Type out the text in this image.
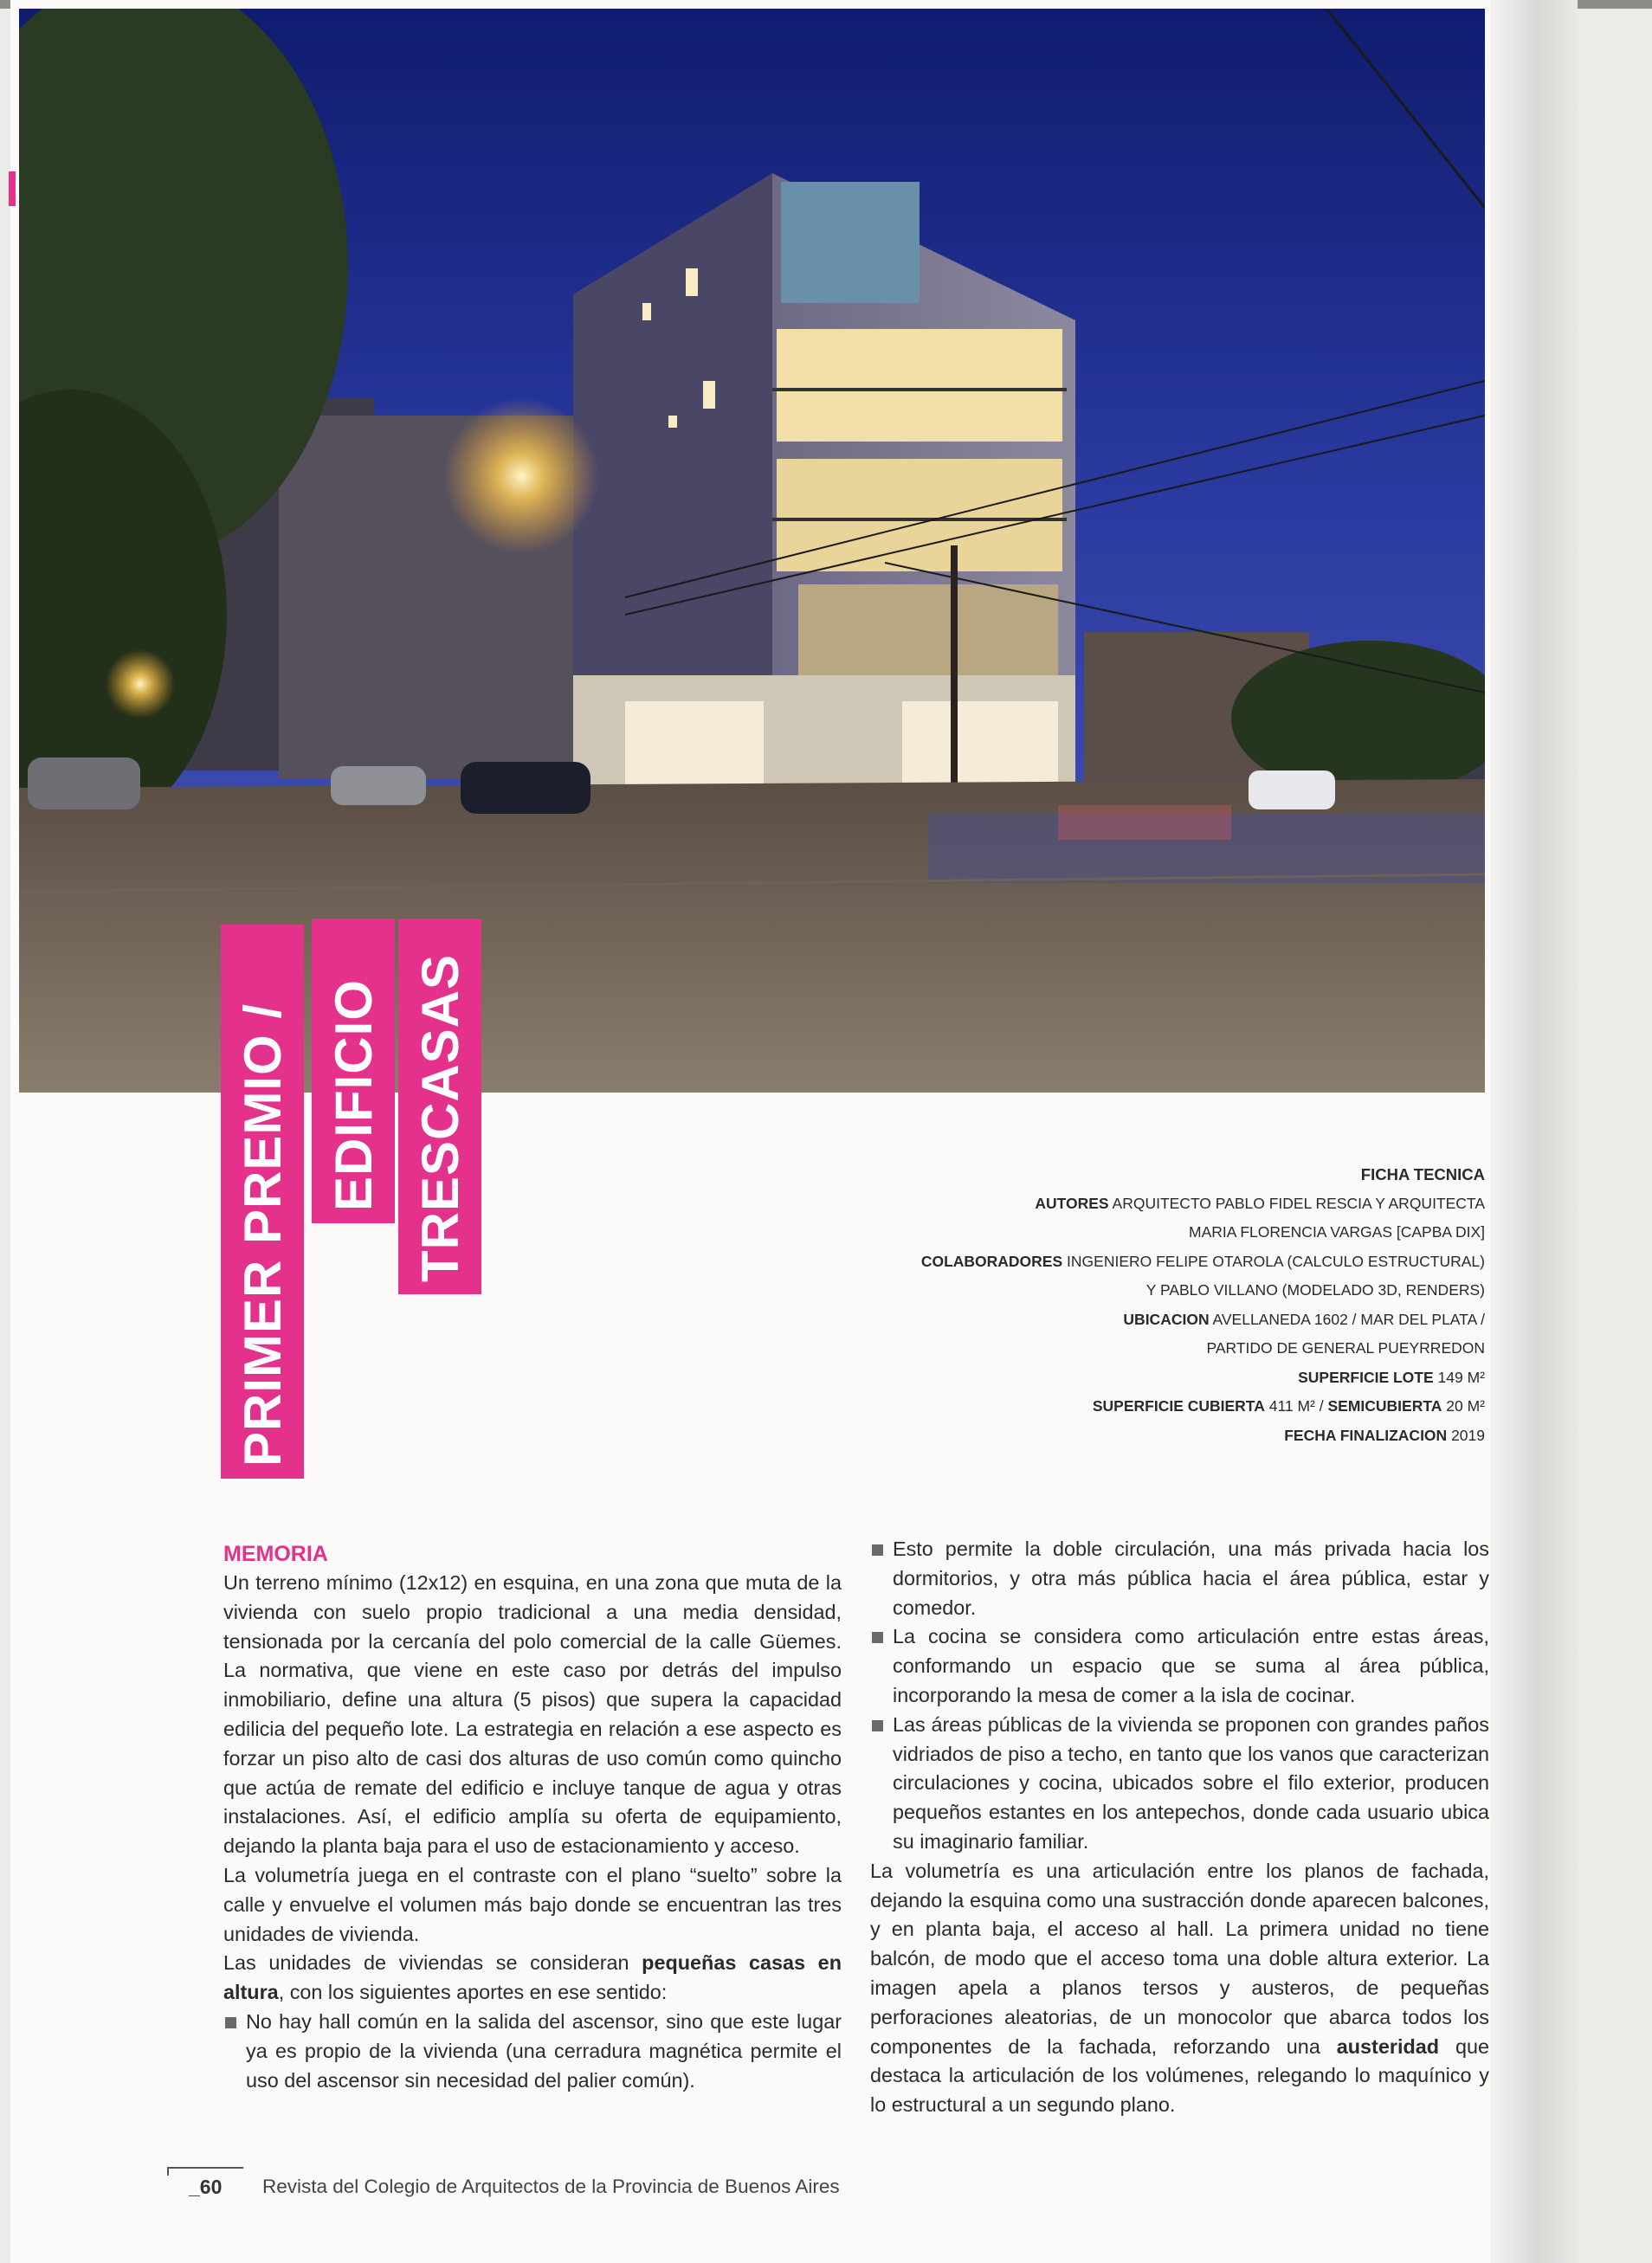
PRIMER PREMIO / EDIFICIO TRESCASAS	FICHA TECNICA
AUTORES ARQUITECTO PABLO FIDEL RESCIA Y ARQUITECTA
MARIA FLORENCIA VARGAS [CAPBA DIX]
COLABORADORES INGENIERO FELIPE OTAROLA (CALCULO ESTRUCTURAL)
Y PABLO VILLANO (MODELADO 3D, RENDERS)
UBICACION AVELLANEDA 1602 / MAR DEL PLATA /
PARTIDO DE GENERAL PUEYRREDON
SUPERFICIE LOTE 149 M²
SUPERFICIE CUBIERTA 411 M² / SEMICUBIERTA 20 M²
FECHA FINALIZACION 2019

MEMORIA

Un terreno mínimo (12x12) en esquina, en una zona que muta de la vivienda con suelo propio tradicional a una media densidad, tensionada por la cercanía del polo comercial de la calle Güemes. La normativa, que viene en este caso por detrás del impulso inmobiliario, define una altura (5 pisos) que supera la capacidad edilicia del pequeño lote. La estrategia en relación a ese aspecto es forzar un piso alto de casi dos alturas de uso común como quincho que actúa de remate del edificio e incluye tanque de agua y otras instalaciones. Así, el edificio amplía su oferta de equipamiento, dejando la planta baja para el uso de estacionamiento y acceso.

La volumetría juega en el contraste con el plano “suelto” sobre la calle y envuelve el volumen más bajo donde se encuentran las tres unidades de vivienda.

Las unidades de viviendas se consideran pequeñas casas en altura, con los siguientes aportes en ese sentido:

No hay hall común en la salida del ascensor, sino que este lugar ya es propio de la vivienda (una cerradura magnética permite el uso del ascensor sin necesidad del palier común).

Esto permite la doble circulación, una más privada hacia los dormitorios, y otra más pública hacia el área pública, estar y comedor.

La cocina se considera como articulación entre estas áreas, conformando un espacio que se suma al área pública, incorporando la mesa de comer a la isla de cocinar.

Las áreas públicas de la vivienda se proponen con grandes paños vidriados de piso a techo, en tanto que los vanos que caracterizan circulaciones y cocina, ubicados sobre el filo exterior, producen pequeños estantes en los antepechos, donde cada usuario ubica su imaginario familiar.

La volumetría es una articulación entre los planos de fachada, dejando la esquina como una sustracción donde aparecen balcones, y en planta baja, el acceso al hall. La primera unidad no tiene balcón, de modo que el acceso toma una doble altura exterior. La imagen apela a planos tersos y austeros, de pequeñas perforaciones aleatorias, de un monocolor que abarca todos los componentes de la fachada, reforzando una austeridad que destaca la articulación de los volúmenes, relegando lo maquínico y lo estructural a un segundo plano.

_60 Revista del Colegio de Arquitectos de la Provincia de Buenos Aires
